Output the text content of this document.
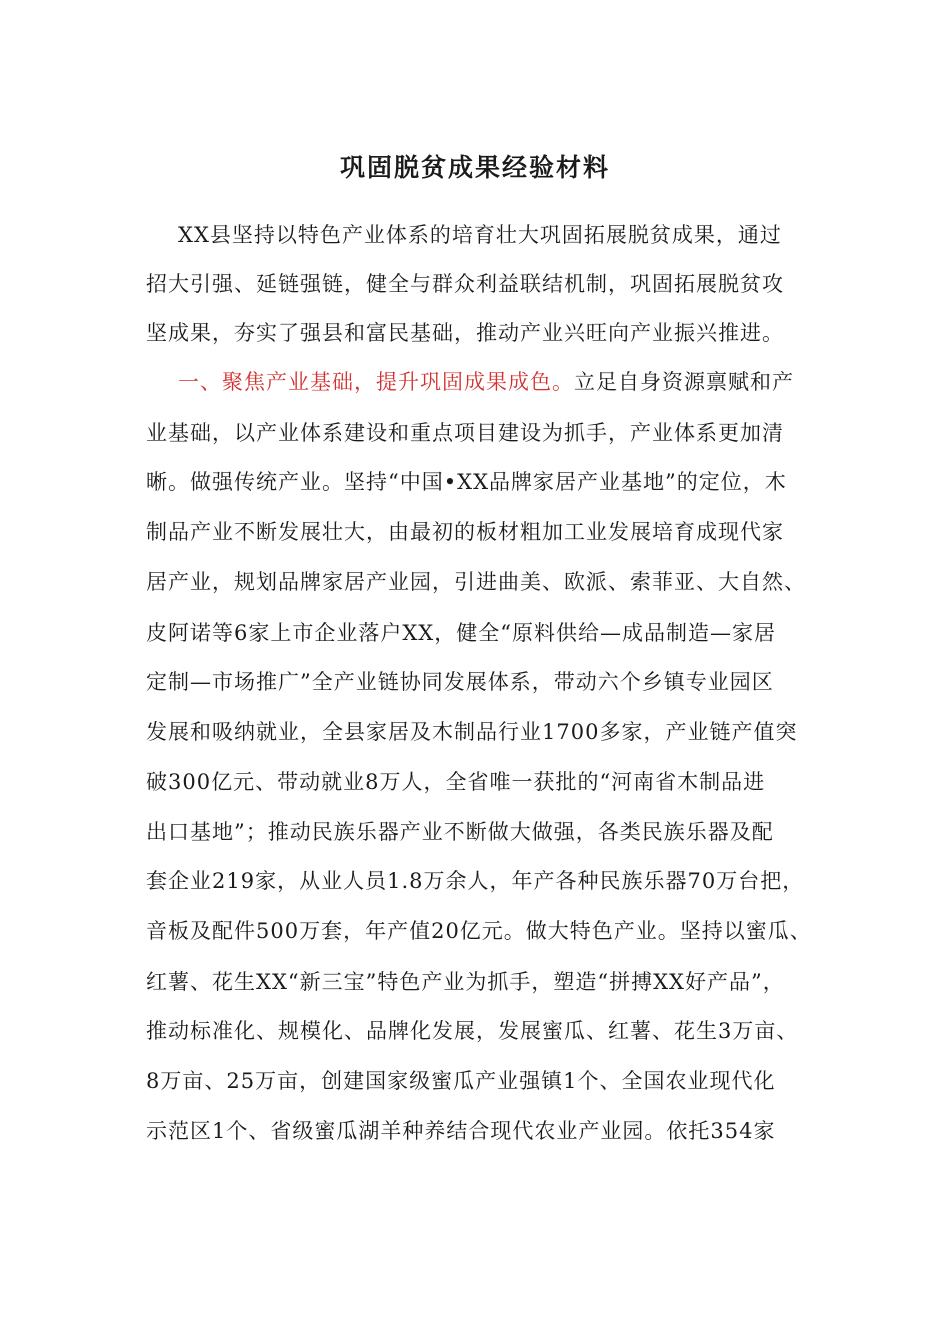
巩固脱贫成果经验材料

XX县坚持以特色产业体系的培育壮大巩固拓展脱贫成果，通过

招大引强、延链强链，健全与群众利益联结机制，巩固拓展脱贫攻

坚成果，夯实了强县和富民基础，推动产业兴旺向产业振兴推进。

一、聚焦产业基础，提升巩固成果成色。立足自身资源禀赋和产

业基础，以产业体系建设和重点项目建设为抓手，产业体系更加清

晰。做强传统产业。坚持“中国•XX品牌家居产业基地”的定位，木

制品产业不断发展壮大，由最初的板材粗加工业发展培育成现代家

居产业，规划品牌家居产业园，引进曲美、欧派、索菲亚、大自然、

皮阿诺等6家上市企业落户XX，健全“原料供给—成品制造—家居

定制—市场推广”全产业链协同发展体系，带动六个乡镇专业园区

发展和吸纳就业，全县家居及木制品行业1700多家，产业链产值突

破300亿元、带动就业8万人，全省唯一获批的“河南省木制品进

出口基地”；推动民族乐器产业不断做大做强，各类民族乐器及配

套企业219家，从业人员1.8万余人，年产各种民族乐器70万台把，

音板及配件500万套，年产值20亿元。做大特色产业。坚持以蜜瓜、

红薯、花生XX“新三宝”特色产业为抓手，塑造“拼搏XX好产品”，

推动标准化、规模化、品牌化发展，发展蜜瓜、红薯、花生3万亩、

8万亩、25万亩，创建国家级蜜瓜产业强镇1个、全国农业现代化

示范区1个、省级蜜瓜湖羊种养结合现代农业产业园。依托354家
